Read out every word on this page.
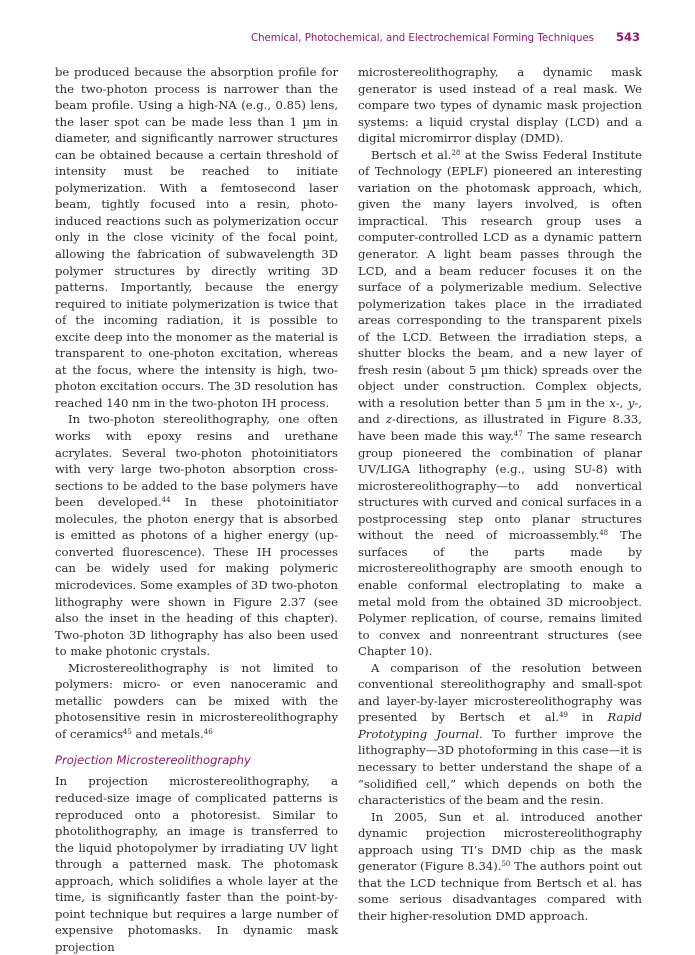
Chemical, Photochemical, and Electrochemical Forming Techniques 543

be produced because the absorption profile for the two-photon process is narrower than the beam profile. Using a high-NA (e.g., 0.85) lens, the laser spot can be made less than 1 µm in diameter, and significantly narrower structures can be obtained because a certain threshold of intensity must be reached to initiate polymerization. With a femtosecond laser beam, tightly focused into a resin, photo-induced reactions such as polymerization occur only in the close vicinity of the focal point, allowing the fabrication of subwavelength 3D polymer structures by directly writing 3D patterns. Importantly, because the energy required to initiate polymerization is twice that of the incoming radiation, it is possible to excite deep into the monomer as the material is transparent to one-photon excitation, whereas at the focus, where the intensity is high, two-photon excitation occurs. The 3D resolution has reached 140 nm in the two-photon IH process.

In two-photon stereolithography, one often works with epoxy resins and urethane acrylates. Several two-photon photoinitiators with very large two-photon absorption cross-sections to be added to the base polymers have been developed.$^{44}$ In these photoinitiator molecules, the photon energy that is absorbed is emitted as photons of a higher energy (up-converted fluorescence). These IH processes can be widely used for making polymeric microdevices. Some examples of 3D two-photon lithography were shown in Figure 2.37 (see also the inset in the heading of this chapter). Two-photon 3D lithography has also been used to make photonic crystals.

Microstereolithography is not limited to polymers: micro- or even nanoceramic and metallic powders can be mixed with the photosensitive resin in microstereolithography of ceramics$^{45}$ and metals.$^{46}$

Projection Microstereolithography

In projection microstereolithography, a reduced-size image of complicated patterns is reproduced onto a photoresist. Similar to photolithography, an image is transferred to the liquid photopolymer by irradiating UV light through a patterned mask. The photomask approach, which solidifies a whole layer at the time, is significantly faster than the point-by-point technique but requires a large number of expensive photomasks. In dynamic mask projection

microstereolithography, a dynamic mask generator is used instead of a real mask. We compare two types of dynamic mask projection systems: a liquid crystal display (LCD) and a digital micromirror display (DMD).

Bertsch et al.$^{28}$ at the Swiss Federal Institute of Technology (EPLF) pioneered an interesting variation on the photomask approach, which, given the many layers involved, is often impractical. This research group uses a computer-controlled LCD as a dynamic pattern generator. A light beam passes through the LCD, and a beam reducer focuses it on the surface of a polymerizable medium. Selective polymerization takes place in the irradiated areas corresponding to the transparent pixels of the LCD. Between the irradiation steps, a shutter blocks the beam, and a new layer of fresh resin (about 5 µm thick) spreads over the object under construction. Complex objects, with a resolution better than 5 µm in the x-, y-, and z-directions, as illustrated in Figure 8.33, have been made this way.$^{47}$ The same research group pioneered the combination of planar UV/LIGA lithography (e.g., using SU-8) with microstereolithography—to add nonvertical structures with curved and conical surfaces in a postprocessing step onto planar structures without the need of microassembly.$^{48}$ The surfaces of the parts made by microstereolithography are smooth enough to enable conformal electroplating to make a metal mold from the obtained 3D microobject. Polymer replication, of course, remains limited to convex and nonreentrant structures (see Chapter 10).

A comparison of the resolution between conventional stereolithography and small-spot and layer-by-layer microstereolithography was presented by Bertsch et al.$^{49}$ in Rapid Prototyping Journal. To further improve the lithography—3D photoforming in this case—it is necessary to better understand the shape of a “solidified cell,” which depends on both the characteristics of the beam and the resin.

In 2005, Sun et al. introduced another dynamic projection microstereolithography approach using TI’s DMD chip as the mask generator (Figure 8.34).$^{50}$ The authors point out that the LCD technique from Bertsch et al. has some serious disadvantages compared with their higher-resolution DMD approach.
